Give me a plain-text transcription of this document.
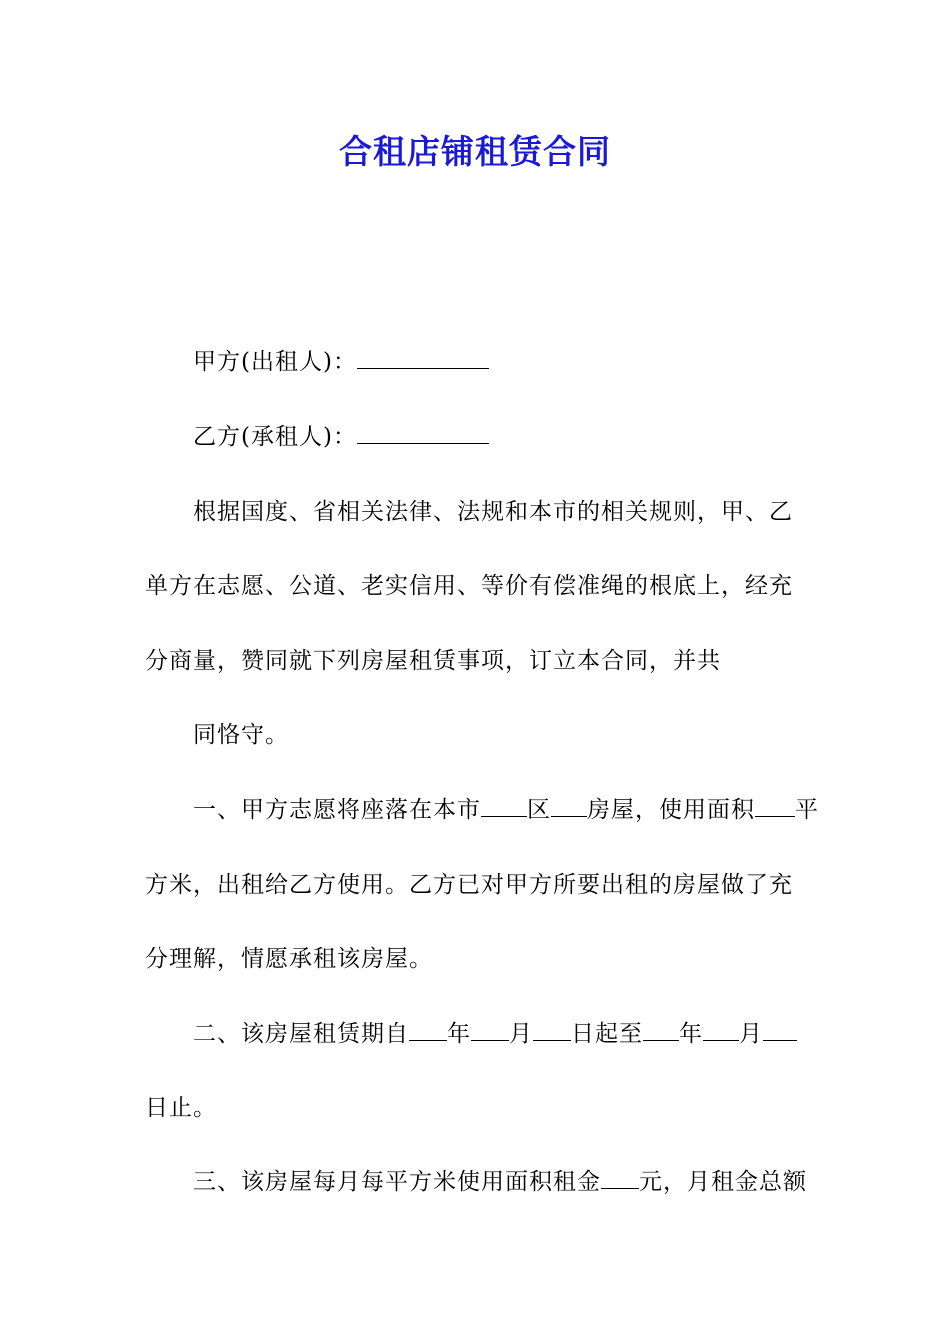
合租店铺租赁合同
甲方(出租人)：
乙方(承租人)：
根据国度、省相关法律、法规和本市的相关规则，甲、乙
单方在志愿、公道、老实信用、等价有偿准绳的根底上，经充
分商量，赞同就下列房屋租赁事项，订立本合同，并共
同恪守。
一、甲方志愿将座落在本市 区 房屋，使用面积 平
方米，出租给乙方使用。乙方已对甲方所要出租的房屋做了充
分理解，情愿承租该房屋。
二、该房屋租赁期自 年 月 日起至 年 月
日止。
三、该房屋每月每平方米使用面积租金 元，月租金总额
